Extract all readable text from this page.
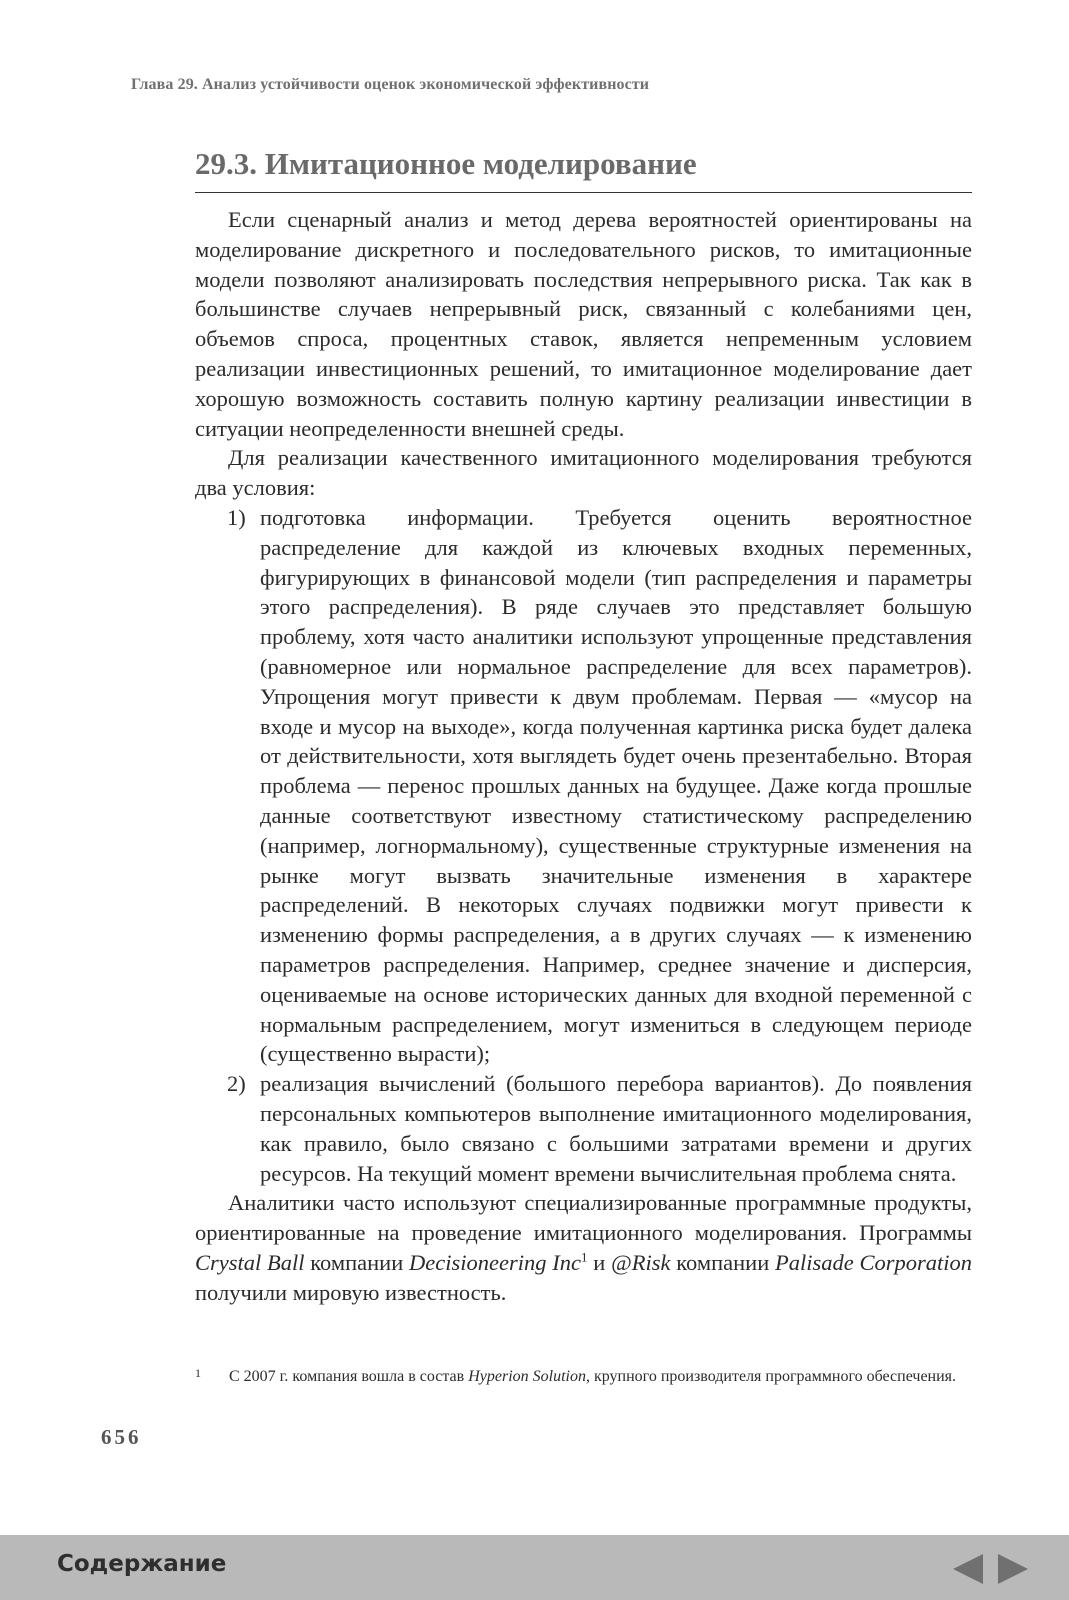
Глава 29. Анализ устойчивости оценок экономической эффективности
29.3. Имитационное моделирование

Если сценарный анализ и метод дерева вероятностей ориентированы на моделирование дискретного и последовательного рисков, то имитационные модели позволяют анализировать последствия непрерывного риска. Так как в большинстве случаев непрерывный риск, связанный с колебаниями цен, объемов спроса, процентных ставок, является непременным условием реализации инвестиционных решений, то имитационное моделирование дает хорошую возможность составить полную картину реализации инвестиции в ситуации неопределенности внешней среды.

Для реализации качественного имитационного моделирования требуются два условия:

1) подготовка информации. Требуется оценить вероятностное распределение для каждой из ключевых входных переменных, фигурирующих в финансовой модели (тип распределения и параметры этого распределения). В ряде случаев это представляет большую проблему, хотя часто аналитики используют упрощенные представления (равномерное или нормальное распределение для всех параметров). Упрощения могут привести к двум проблемам. Первая — «мусор на входе и мусор на выходе», когда полученная картинка риска будет далека от действительности, хотя выглядеть будет очень презентабельно. Вторая проблема — перенос прошлых данных на будущее. Даже когда прошлые данные соответствуют известному статистическому распределению (например, логнормальному), существенные структурные изменения на рынке могут вызвать значительные изменения в характере распределений. В некоторых случаях подвижки могут привести к изменению формы распределения, а в других случаях — к изменению параметров распределения. Например, среднее значение и дисперсия, оцениваемые на основе исторических данных для входной переменной с нормальным распределением, могут измениться в следующем периоде (существенно вырасти);
2) реализация вычислений (большого перебора вариантов). До появления персональных компьютеров выполнение имитационного моделирования, как правило, было связано с большими затратами времени и других ресурсов. На текущий момент времени вычислительная проблема снята.

Аналитики часто используют специализированные программные продукты, ориентированные на проведение имитационного моделирования. Программы Crystal Ball компании Decisioneering Inc$^1$ и @Risk компании Palisade Corporation получили мировую известность.

1	С 2007 г. компания вошла в состав Hyperion Solution, крупного производителя программного обеспечения.
656
Содержание
